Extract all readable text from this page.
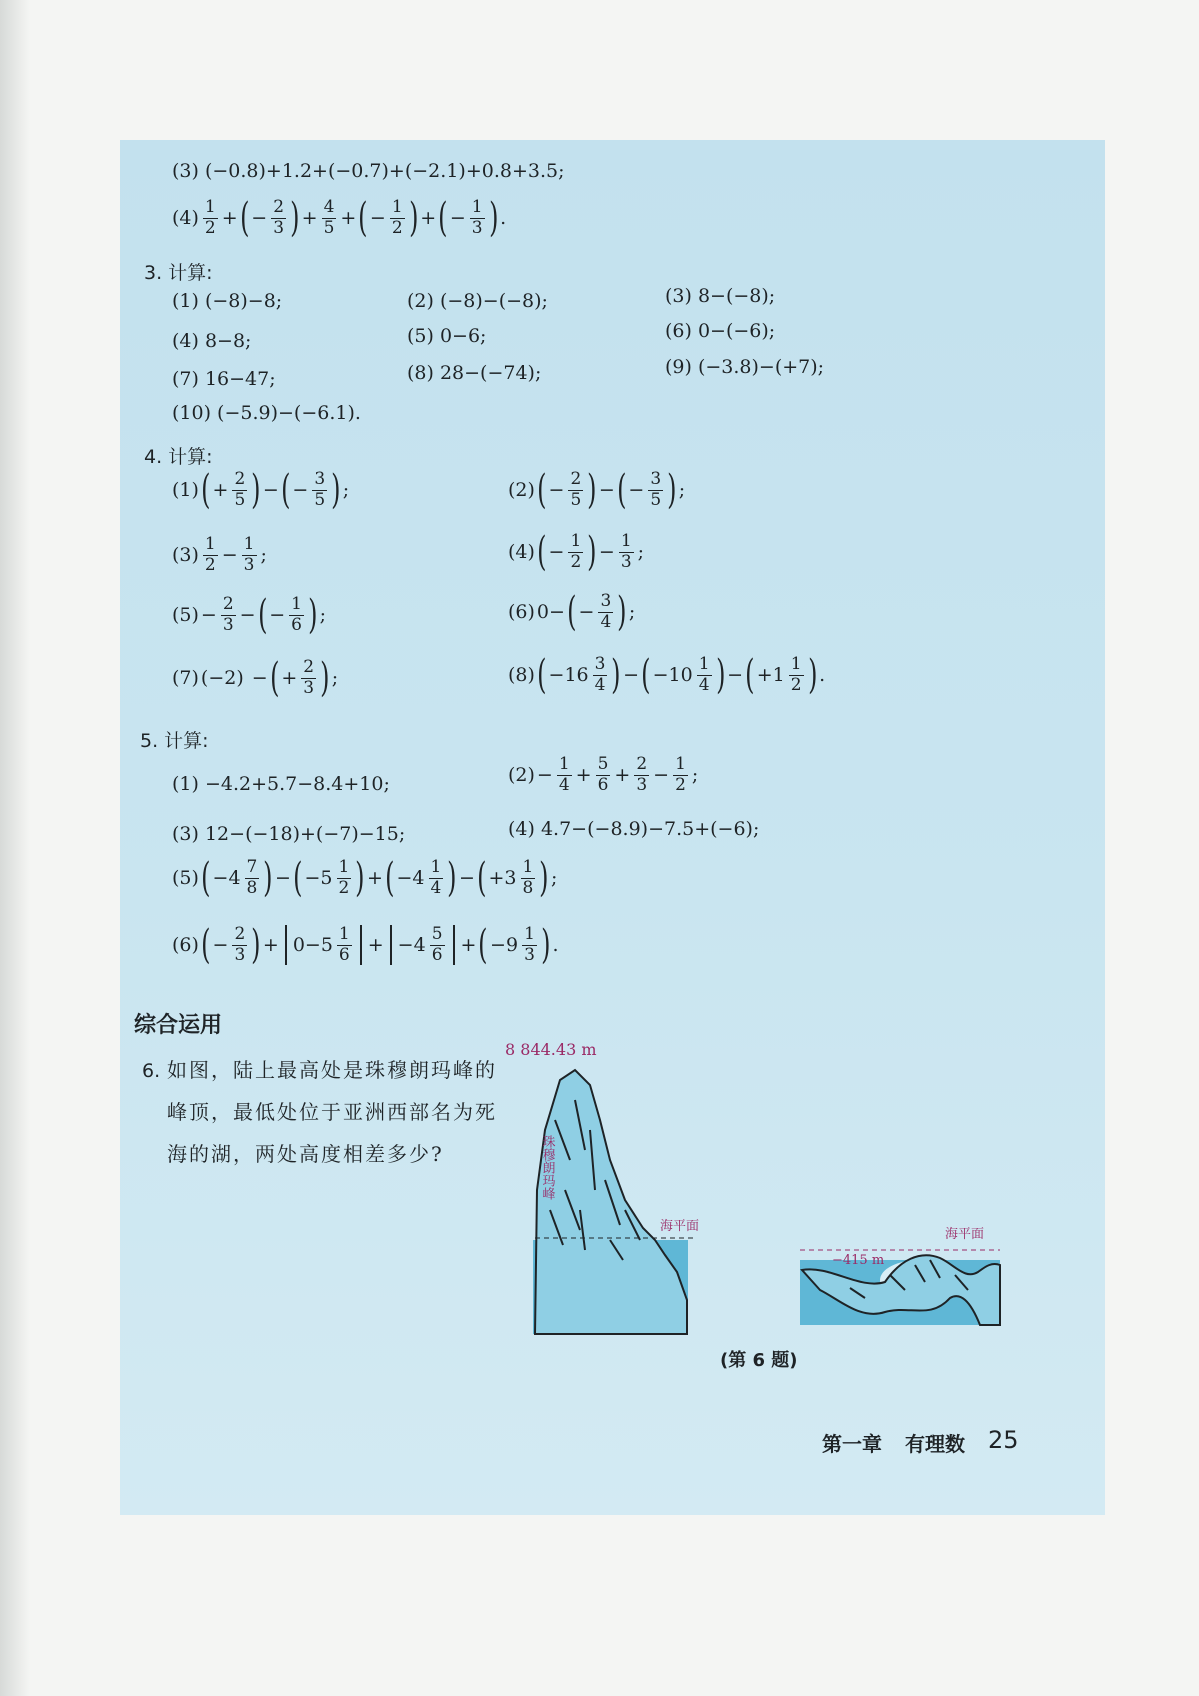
(3) (−0.8)+1.2+(−0.7)+(−2.1)+0.8+3.5;
$(4) \frac{1}{2}$ + ( − $\frac{2}{3}$ ) + $\frac{4}{5}$ + ( − $\frac{1}{2}$ ) + ( − $\frac{1}{3}$ ) .
3. 计算:
(1) (−8)−8;	(2) (−8)−(−8);	(3) 8−(−8);
(4) 8−8;	(5) 0−6;	(6) 0−(−6);
(7) 16−47;	(8) 28−(−74);	(9) (−3.8)−(+7);
(10) (−5.9)−(−6.1).
4. 计算:
(1) ( + $\frac{2}{5}$ ) − ( − $\frac{3}{5}$ ) ;	(2) ( − $\frac{2}{5}$ ) − ( − $\frac{3}{5}$ ) ;
$(3) \frac{1}{2} - \frac{1}{3}$ ;	(4) ( − $\frac{1}{2}$ ) − $\frac{1}{3}$ ;
$(5) - \frac{2}{3}$ − ( − $\frac{1}{6}$ ) ;	(6) 0− ( − $\frac{3}{4}$ ) ;
(7) (−2) − ( + $\frac{2}{3}$ ) ;	(8) ( $-16 \frac{3}{4}$ ) − ( $-10 \frac{1}{4}$ ) − ( $+1 \frac{1}{2}$ ) .
5. 计算:
(1) −4.2+5.7−8.4+10;	$(2) - \frac{1}{4} + \frac{5}{6} + \frac{2}{3} - \frac{1}{2}$ ;
(3) 12−(−18)+(−7)−15;	(4) 4.7−(−8.9)−7.5+(−6);
(5) ( $-4 \frac{7}{8}$ ) − ( $-5 \frac{1}{2}$ ) + ( $-4 \frac{1}{4}$ ) − ( $+3 \frac{1}{8}$ ) ;
(6) ( − $\frac{2}{3}$ ) + $0-5 \frac{1}{6} + -4 \frac{5}{6}$ + ( $-9 \frac{1}{3}$ ) .
综合运用
6. 如图，陆上最高处是珠穆朗玛峰的
峰顶，最低处位于亚洲西部名为死
海的湖，两处高度相差多少?
8 844.43 m
海平面
珠穆朗玛峰
海平面
−415 m
(第 6 题)
第一章 有理数 25
